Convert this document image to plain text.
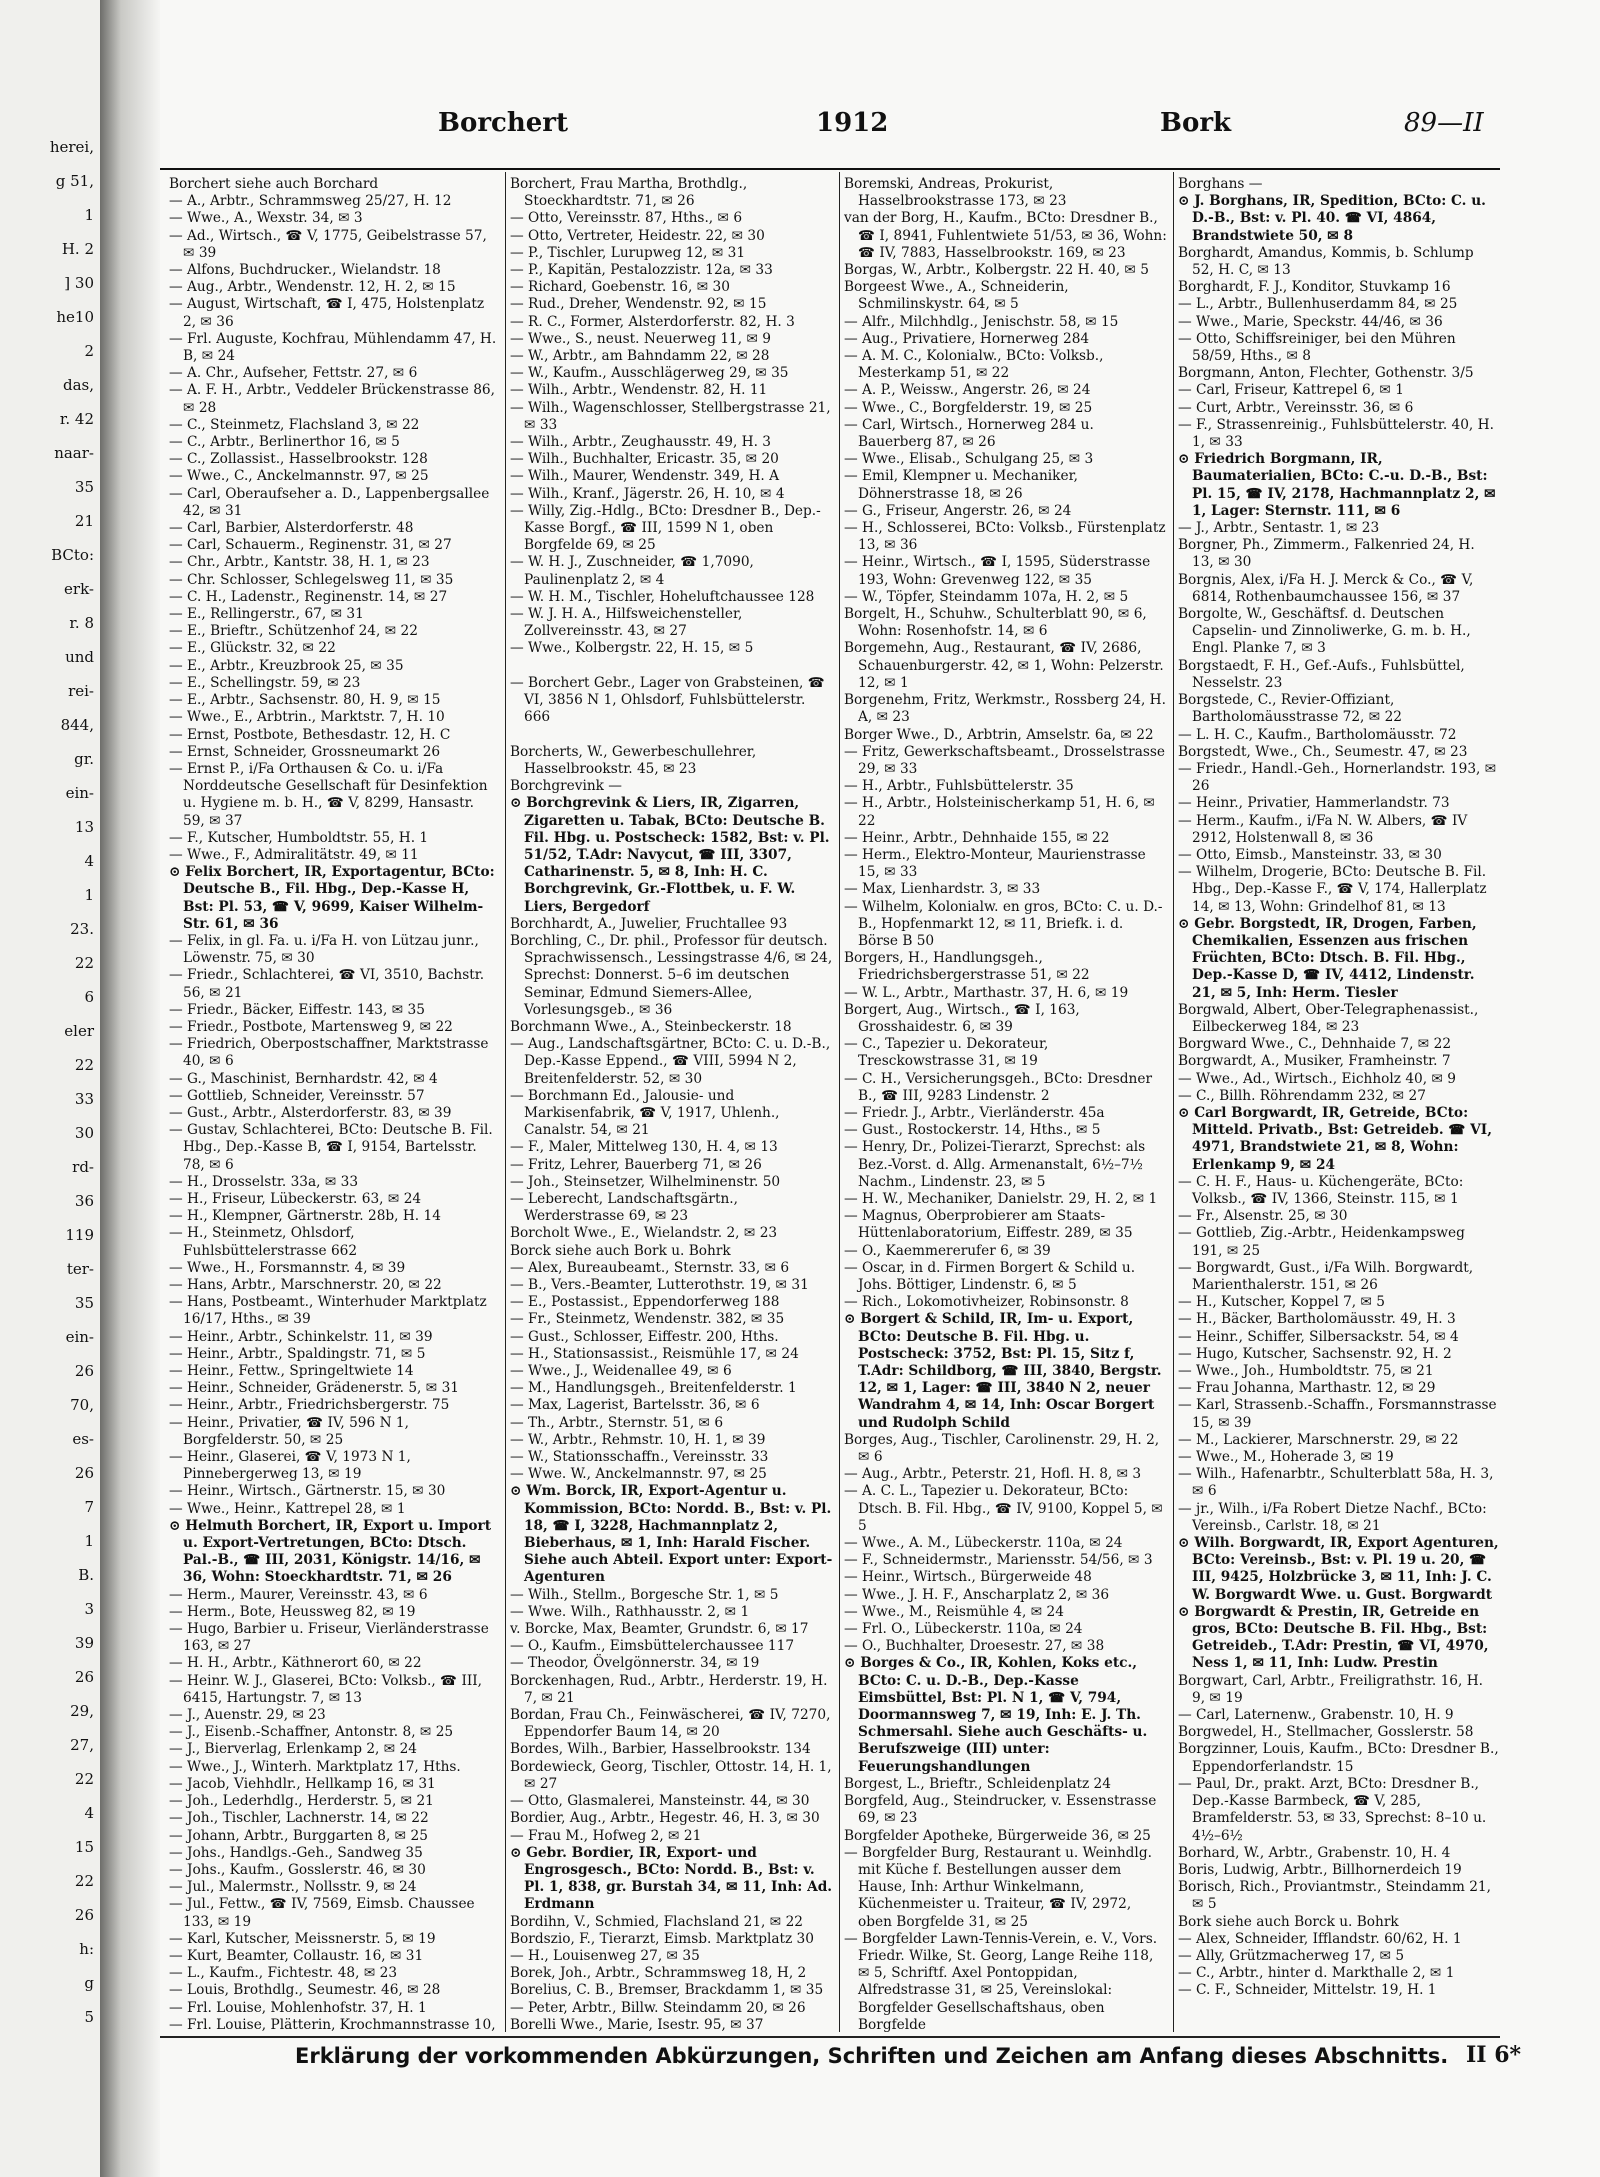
herei,
g 51,
1
H. 2
] 30
he10
2
das,
r. 42
naar-
35
21
BCto:
erk-
r. 8
und
rei-
844,
gr.
ein-
13
4
1
23.
22
6
eler
22
33
30
rd-
36
119
ter-
35
ein-
26
70,
es-
26
7
1
B.
3
39
26
29,
27,
22
4
15
22
26
h:
g
5
Borchert	1912	Bork	89—II

Borchert siehe auch Borchard

— A., Arbtr., Schrammsweg 25/27, H. 12

— Wwe., A., Wexstr. 34, ✉ 3

— Ad., Wirtsch., ☎ V, 1775, Geibelstrasse 57, ✉ 39

— Alfons, Buchdrucker., Wielandstr. 18

— Aug., Arbtr., Wendenstr. 12, H. 2, ✉ 15

— August, Wirtschaft, ☎ I, 475, Holstenplatz 2, ✉ 36

— Frl. Auguste, Kochfrau, Mühlendamm 47, H. B, ✉ 24

— A. Chr., Aufseher, Fettstr. 27, ✉ 6

— A. F. H., Arbtr., Veddeler Brückenstrasse 86, ✉ 28

— C., Steinmetz, Flachsland 3, ✉ 22

— C., Arbtr., Berlinerthor 16, ✉ 5

— C., Zollassist., Hasselbrookstr. 128

— Wwe., C., Anckelmannstr. 97, ✉ 25

— Carl, Oberaufseher a. D., Lappenbergsallee 42, ✉ 31

— Carl, Barbier, Alsterdorferstr. 48

— Carl, Schauerm., Reginenstr. 31, ✉ 27

— Chr., Arbtr., Kantstr. 38, H. 1, ✉ 23

— Chr. Schlosser, Schlegelsweg 11, ✉ 35

— C. H., Ladenstr., Reginenstr. 14, ✉ 27

— E., Rellingerstr., 67, ✉ 31

— E., Brieftr., Schützenhof 24, ✉ 22

— E., Glückstr. 32, ✉ 22

— E., Arbtr., Kreuzbrook 25, ✉ 35

— E., Schellingstr. 59, ✉ 23

— E., Arbtr., Sachsenstr. 80, H. 9, ✉ 15

— Wwe., E., Arbtrin., Marktstr. 7, H. 10

— Ernst, Postbote, Bethesdastr. 12, H. C

— Ernst, Schneider, Grossneumarkt 26

— Ernst P., i/Fa Orthausen & Co. u. i/Fa Norddeutsche Gesellschaft für Desinfektion u. Hygiene m. b. H., ☎ V, 8299, Hansastr. 59, ✉ 37

— F., Kutscher, Humboldtstr. 55, H. 1

— Wwe., F., Admiralitätstr. 49, ✉ 11

⊙ Felix Borchert, IR, Exportagentur, BCto: Deutsche B., Fil. Hbg., Dep.-Kasse H, Bst: Pl. 53, ☎ V, 9699, Kaiser Wilhelm-Str. 61, ✉ 36

— Felix, in gl. Fa. u. i/Fa H. von Lützau junr., Löwenstr. 75, ✉ 30

— Friedr., Schlachterei, ☎ VI, 3510, Bachstr. 56, ✉ 21

— Friedr., Bäcker, Eiffestr. 143, ✉ 35

— Friedr., Postbote, Martensweg 9, ✉ 22

— Friedrich, Oberpostschaffner, Marktstrasse 40, ✉ 6

— G., Maschinist, Bernhardstr. 42, ✉ 4

— Gottlieb, Schneider, Vereinsstr. 57

— Gust., Arbtr., Alsterdorferstr. 83, ✉ 39

— Gustav, Schlachterei, BCto: Deutsche B. Fil. Hbg., Dep.-Kasse B, ☎ I, 9154, Bartelsstr. 78, ✉ 6

— H., Drosselstr. 33a, ✉ 33

— H., Friseur, Lübeckerstr. 63, ✉ 24

— H., Klempner, Gärtnerstr. 28b, H. 14

— H., Steinmetz, Ohlsdorf, Fuhlsbüttelerstrasse 662

— Wwe., H., Forsmannstr. 4, ✉ 39

— Hans, Arbtr., Marschnerstr. 20, ✉ 22

— Hans, Postbeamt., Winterhuder Marktplatz 16/17, Hths., ✉ 39

— Heinr., Arbtr., Schinkelstr. 11, ✉ 39

— Heinr., Arbtr., Spaldingstr. 71, ✉ 5

— Heinr., Fettw., Springeltwiete 14

— Heinr., Schneider, Grädenerstr. 5, ✉ 31

— Heinr., Arbtr., Friedrichsbergerstr. 75

— Heinr., Privatier, ☎ IV, 596 N 1, Borgfelderstr. 50, ✉ 25

— Heinr., Glaserei, ☎ V, 1973 N 1, Pinnebergerweg 13, ✉ 19

— Heinr., Wirtsch., Gärtnerstr. 15, ✉ 30

— Wwe., Heinr., Kattrepel 28, ✉ 1

⊙ Helmuth Borchert, IR, Export u. Import u. Export-Vertretungen, BCto: Dtsch. Pal.-B., ☎ III, 2031, Königstr. 14/16, ✉ 36, Wohn: Stoeckhardtstr. 71, ✉ 26

— Herm., Maurer, Vereinsstr. 43, ✉ 6

— Herm., Bote, Heussweg 82, ✉ 19

— Hugo, Barbier u. Friseur, Vierländerstrasse 163, ✉ 27

— H. H., Arbtr., Käthnerort 60, ✉ 22

— Heinr. W. J., Glaserei, BCto: Volksb., ☎ III, 6415, Hartungstr. 7, ✉ 13

— J., Auenstr. 29, ✉ 23

— J., Eisenb.-Schaffner, Antonstr. 8, ✉ 25

— J., Bierverlag, Erlenkamp 2, ✉ 24

— Wwe., J., Winterh. Marktplatz 17, Hths.

— Jacob, Viehhdlr., Hellkamp 16, ✉ 31

— Joh., Lederhdlg., Herderstr. 5, ✉ 21

— Joh., Tischler, Lachnerstr. 14, ✉ 22

— Johann, Arbtr., Burggarten 8, ✉ 25

— Johs., Handlgs.-Geh., Sandweg 35

— Johs., Kaufm., Gosslerstr. 46, ✉ 30

— Jul., Malermstr., Nollsstr. 9, ✉ 24

— Jul., Fettw., ☎ IV, 7569, Eimsb. Chaussee 133, ✉ 19

— Karl, Kutscher, Meissnerstr. 5, ✉ 19

— Kurt, Beamter, Collaustr. 16, ✉ 31

— L., Kaufm., Fichtestr. 48, ✉ 23

— Louis, Brothdlg., Seumestr. 46, ✉ 28

— Frl. Louise, Mohlenhofstr. 37, H. 1

— Frl. Louise, Plätterin, Krochmannstrasse 10,

Borchert, Frau Martha, Brothdlg., Stoeckhardtstr. 71, ✉ 26

— Otto, Vereinsstr. 87, Hths., ✉ 6

— Otto, Vertreter, Heidestr. 22, ✉ 30

— P., Tischler, Lurupweg 12, ✉ 31

— P., Kapitän, Pestalozzistr. 12a, ✉ 33

— Richard, Goebenstr. 16, ✉ 30

— Rud., Dreher, Wendenstr. 92, ✉ 15

— R. C., Former, Alsterdorferstr. 82, H. 3

— Wwe., S., neust. Neuerweg 11, ✉ 9

— W., Arbtr., am Bahndamm 22, ✉ 28

— W., Kaufm., Ausschlägerweg 29, ✉ 35

— Wilh., Arbtr., Wendenstr. 82, H. 11

— Wilh., Wagenschlosser, Stellbergstrasse 21, ✉ 33

— Wilh., Arbtr., Zeughausstr. 49, H. 3

— Wilh., Buchhalter, Ericastr. 35, ✉ 20

— Wilh., Maurer, Wendenstr. 349, H. A

— Wilh., Kranf., Jägerstr. 26, H. 10, ✉ 4

— Willy, Zig.-Hdlg., BCto: Dresdner B., Dep.-Kasse Borgf., ☎ III, 1599 N 1, oben Borgfelde 69, ✉ 25

— W. H. J., Zuschneider, ☎ 1,7090, Paulinenplatz 2, ✉ 4

— W. H. M., Tischler, Hoheluftchaussee 128

— W. J. H. A., Hilfsweichensteller, Zollvereinsstr. 43, ✉ 27

— Wwe., Kolbergstr. 22, H. 15, ✉ 5

— Borchert Gebr., Lager von Grabsteinen, ☎ VI, 3856 N 1, Ohlsdorf, Fuhlsbüttelerstr. 666

Borcherts, W., Gewerbeschullehrer, Hasselbrookstr. 45, ✉ 23

Borchgrevink —

⊙ Borchgrevink & Liers, IR, Zigarren, Zigaretten u. Tabak, BCto: Deutsche B. Fil. Hbg. u. Postscheck: 1582, Bst: v. Pl. 51/52, T.Adr: Navycut, ☎ III, 3307, Catharinenstr. 5, ✉ 8, Inh: H. C. Borchgrevink, Gr.-Flottbek, u. F. W. Liers, Bergedorf

Borchhardt, A., Juwelier, Fruchtallee 93

Borchling, C., Dr. phil., Professor für deutsch. Sprachwissensch., Lessingstrasse 4/6, ✉ 24, Sprechst: Donnerst. 5–6 im deutschen Seminar, Edmund Siemers-Allee, Vorlesungsgeb., ✉ 36

Borchmann Wwe., A., Steinbeckerstr. 18

— Aug., Landschaftsgärtner, BCto: C. u. D.-B., Dep.-Kasse Eppend., ☎ VIII, 5994 N 2, Breitenfelderstr. 52, ✉ 30

— Borchmann Ed., Jalousie- und Markisenfabrik, ☎ V, 1917, Uhlenh., Canalstr. 54, ✉ 21

— F., Maler, Mittelweg 130, H. 4, ✉ 13

— Fritz, Lehrer, Bauerberg 71, ✉ 26

— Joh., Steinsetzer, Wilhelminenstr. 50

— Leberecht, Landschaftsgärtn., Werderstrasse 69, ✉ 23

Borcholt Wwe., E., Wielandstr. 2, ✉ 23

Borck siehe auch Bork u. Bohrk

— Alex, Bureaubeamt., Sternstr. 33, ✉ 6

— B., Vers.-Beamter, Lutterothstr. 19, ✉ 31

— E., Postassist., Eppendorferweg 188

— Fr., Steinmetz, Wendenstr. 382, ✉ 35

— Gust., Schlosser, Eiffestr. 200, Hths.

— H., Stationsassist., Reismühle 17, ✉ 24

— Wwe., J., Weidenallee 49, ✉ 6

— M., Handlungsgeh., Breitenfelderstr. 1

— Max, Lagerist, Bartelsstr. 36, ✉ 6

— Th., Arbtr., Sternstr. 51, ✉ 6

— W., Arbtr., Rehmstr. 10, H. 1, ✉ 39

— W., Stationsschaffn., Vereinsstr. 33

— Wwe. W., Anckelmannstr. 97, ✉ 25

⊙ Wm. Borck, IR, Export-Agentur u. Kommission, BCto: Nordd. B., Bst: v. Pl. 18, ☎ I, 3228, Hachmannplatz 2, Bieberhaus, ✉ 1, Inh: Harald Fischer. Siehe auch Abteil. Export unter: Export-Agenturen

— Wilh., Stellm., Borgesche Str. 1, ✉ 5

— Wwe. Wilh., Rathhausstr. 2, ✉ 1

v. Borcke, Max, Beamter, Grundstr. 6, ✉ 17

— O., Kaufm., Eimsbüttelerchaussee 117

— Theodor, Övelgönnerstr. 34, ✉ 19

Borckenhagen, Rud., Arbtr., Herderstr. 19, H. 7, ✉ 21

Bordan, Frau Ch., Feinwäscherei, ☎ IV, 7270, Eppendorfer Baum 14, ✉ 20

Bordes, Wilh., Barbier, Hasselbrookstr. 134

Bordewieck, Georg, Tischler, Ottostr. 14, H. 1, ✉ 27

— Otto, Glasmalerei, Mansteinstr. 44, ✉ 30

Bordier, Aug., Arbtr., Hegestr. 46, H. 3, ✉ 30

— Frau M., Hofweg 2, ✉ 21

⊙ Gebr. Bordier, IR, Export- und Engrosgesch., BCto: Nordd. B., Bst: v. Pl. 1, 838, gr. Burstah 34, ✉ 11, Inh: Ad. Erdmann

Bordihn, V., Schmied, Flachsland 21, ✉ 22

Bordszio, F., Tierarzt, Eimsb. Marktplatz 30

— H., Louisenweg 27, ✉ 35

Borek, Joh., Arbtr., Schrammsweg 18, H, 2

Borelius, C. B., Bremser, Brackdamm 1, ✉ 35

— Peter, Arbtr., Billw. Steindamm 20, ✉ 26

Borelli Wwe., Marie, Isestr. 95, ✉ 37

Boremski, Andreas, Prokurist, Hasselbrookstrasse 173, ✉ 23

van der Borg, H., Kaufm., BCto: Dresdner B., ☎ I, 8941, Fuhlentwiete 51/53, ✉ 36, Wohn: ☎ IV, 7883, Hasselbrookstr. 169, ✉ 23

Borgas, W., Arbtr., Kolbergstr. 22 H. 40, ✉ 5

Borgeest Wwe., A., Schneiderin, Schmilinskystr. 64, ✉ 5

— Alfr., Milchhdlg., Jenischstr. 58, ✉ 15

— Aug., Privatiere, Hornerweg 284

— A. M. C., Kolonialw., BCto: Volksb., Mesterkamp 51, ✉ 22

— A. P., Weissw., Angerstr. 26, ✉ 24

— Wwe., C., Borgfelderstr. 19, ✉ 25

— Carl, Wirtsch., Hornerweg 284 u. Bauerberg 87, ✉ 26

— Wwe., Elisab., Schulgang 25, ✉ 3

— Emil, Klempner u. Mechaniker, Döhnerstrasse 18, ✉ 26

— G., Friseur, Angerstr. 26, ✉ 24

— H., Schlosserei, BCto: Volksb., Fürstenplatz 13, ✉ 36

— Heinr., Wirtsch., ☎ I, 1595, Süderstrasse 193, Wohn: Grevenweg 122, ✉ 35

— W., Töpfer, Steindamm 107a, H. 2, ✉ 5

Borgelt, H., Schuhw., Schulterblatt 90, ✉ 6, Wohn: Rosenhofstr. 14, ✉ 6

Borgemehn, Aug., Restaurant, ☎ IV, 2686, Schauenburgerstr. 42, ✉ 1, Wohn: Pelzerstr. 12, ✉ 1

Borgenehm, Fritz, Werkmstr., Rossberg 24, H. A, ✉ 23

Borger Wwe., D., Arbtrin, Amselstr. 6a, ✉ 22

— Fritz, Gewerkschaftsbeamt., Drosselstrasse 29, ✉ 33

— H., Arbtr., Fuhlsbüttelerstr. 35

— H., Arbtr., Holsteinischerkamp 51, H. 6, ✉ 22

— Heinr., Arbtr., Dehnhaide 155, ✉ 22

— Herm., Elektro-Monteur, Maurienstrasse 15, ✉ 33

— Max, Lienhardstr. 3, ✉ 33

— Wilhelm, Kolonialw. en gros, BCto: C. u. D.-B., Hopfenmarkt 12, ✉ 11, Briefk. i. d. Börse B 50

Borgers, H., Handlungsgeh., Friedrichsbergerstrasse 51, ✉ 22

— W. L., Arbtr., Marthastr. 37, H. 6, ✉ 19

Borgert, Aug., Wirtsch., ☎ I, 163, Grosshaidestr. 6, ✉ 39

— C., Tapezier u. Dekorateur, Tresckowstrasse 31, ✉ 19

— C. H., Versicherungsgeh., BCto: Dresdner B., ☎ III, 9283 Lindenstr. 2

— Friedr. J., Arbtr., Vierländerstr. 45a

— Gust., Rostockerstr. 14, Hths., ✉ 5

— Henry, Dr., Polizei-Tierarzt, Sprechst: als Bez.-Vorst. d. Allg. Armenanstalt, 6½–7½ Nachm., Lindenstr. 23, ✉ 5

— H. W., Mechaniker, Danielstr. 29, H. 2, ✉ 1

— Magnus, Oberprobierer am Staats-Hüttenlaboratorium, Eiffestr. 289, ✉ 35

— O., Kaemmererufer 6, ✉ 39

— Oscar, in d. Firmen Borgert & Schild u. Johs. Böttiger, Lindenstr. 6, ✉ 5

— Rich., Lokomotivheizer, Robinsonstr. 8

⊙ Borgert & Schild, IR, Im- u. Export, BCto: Deutsche B. Fil. Hbg. u. Postscheck: 3752, Bst: Pl. 15, Sitz f, T.Adr: Schildborg, ☎ III, 3840, Bergstr. 12, ✉ 1, Lager: ☎ III, 3840 N 2, neuer Wandrahm 4, ✉ 14, Inh: Oscar Borgert und Rudolph Schild

Borges, Aug., Tischler, Carolinenstr. 29, H. 2, ✉ 6

— Aug., Arbtr., Peterstr. 21, Hofl. H. 8, ✉ 3

— A. C. L., Tapezier u. Dekorateur, BCto: Dtsch. B. Fil. Hbg., ☎ IV, 9100, Koppel 5, ✉ 5

— Wwe., A. M., Lübeckerstr. 110a, ✉ 24

— F., Schneidermstr., Mariensstr. 54/56, ✉ 3

— Heinr., Wirtsch., Bürgerweide 48

— Wwe., J. H. F., Anscharplatz 2, ✉ 36

— Wwe., M., Reismühle 4, ✉ 24

— Frl. O., Lübeckerstr. 110a, ✉ 24

— O., Buchhalter, Droesestr. 27, ✉ 38

⊙ Borges & Co., IR, Kohlen, Koks etc., BCto: C. u. D.-B., Dep.-Kasse Eimsbüttel, Bst: Pl. N 1, ☎ V, 794, Doormannsweg 7, ✉ 19, Inh: E. J. Th. Schmersahl. Siehe auch Geschäfts- u. Berufszweige (III) unter: Feuerungshandlungen

Borgest, L., Brieftr., Schleidenplatz 24

Borgfeld, Aug., Steindrucker, v. Essenstrasse 69, ✉ 23

Borgfelder Apotheke, Bürgerweide 36, ✉ 25

— Borgfelder Burg, Restaurant u. Weinhdlg. mit Küche f. Bestellungen ausser dem Hause, Inh: Arthur Winkelmann, Küchenmeister u. Traiteur, ☎ IV, 2972, oben Borgfelde 31, ✉ 25

— Borgfelder Lawn-Tennis-Verein, e. V., Vors. Friedr. Wilke, St. Georg, Lange Reihe 118, ✉ 5, Schriftf. Axel Pontoppidan, Alfredstrasse 31, ✉ 25, Vereinslokal: Borgfelder Gesellschaftshaus, oben Borgfelde

Borghans —

⊙ J. Borghans, IR, Spedition, BCto: C. u. D.-B., Bst: v. Pl. 40. ☎ VI, 4864, Brandstwiete 50, ✉ 8

Borghardt, Amandus, Kommis, b. Schlump 52, H. C, ✉ 13

Borghardt, F. J., Konditor, Stuvkamp 16

— L., Arbtr., Bullenhuserdamm 84, ✉ 25

— Wwe., Marie, Speckstr. 44/46, ✉ 36

— Otto, Schiffsreiniger, bei den Mühren 58/59, Hths., ✉ 8

Borgmann, Anton, Flechter, Gothenstr. 3/5

— Carl, Friseur, Kattrepel 6, ✉ 1

— Curt, Arbtr., Vereinsstr. 36, ✉ 6

— F., Strassenreinig., Fuhlsbüttelerstr. 40, H. 1, ✉ 33

⊙ Friedrich Borgmann, IR, Baumaterialien, BCto: C.-u. D.-B., Bst: Pl. 15, ☎ IV, 2178, Hachmannplatz 2, ✉ 1, Lager: Sternstr. 111, ✉ 6

— J., Arbtr., Sentastr. 1, ✉ 23

Borgner, Ph., Zimmerm., Falkenried 24, H. 13, ✉ 30

Borgnis, Alex, i/Fa H. J. Merck & Co., ☎ V, 6814, Rothenbaumchaussee 156, ✉ 37

Borgolte, W., Geschäftsf. d. Deutschen Capselin- und Zinnoliwerke, G. m. b. H., Engl. Planke 7, ✉ 3

Borgstaedt, F. H., Gef.-Aufs., Fuhlsbüttel, Nesselstr. 23

Borgstede, C., Revier-Offiziant, Bartholomäusstrasse 72, ✉ 22

— L. H. C., Kaufm., Bartholomäusstr. 72

Borgstedt, Wwe., Ch., Seumestr. 47, ✉ 23

— Friedr., Handl.-Geh., Hornerlandstr. 193, ✉ 26

— Heinr., Privatier, Hammerlandstr. 73

— Herm., Kaufm., i/Fa N. W. Albers, ☎ IV 2912, Holstenwall 8, ✉ 36

— Otto, Eimsb., Mansteinstr. 33, ✉ 30

— Wilhelm, Drogerie, BCto: Deutsche B. Fil. Hbg., Dep.-Kasse F., ☎ V, 174, Hallerplatz 14, ✉ 13, Wohn: Grindelhof 81, ✉ 13

⊙ Gebr. Borgstedt, IR, Drogen, Farben, Chemikalien, Essenzen aus frischen Früchten, BCto: Dtsch. B. Fil. Hbg., Dep.-Kasse D, ☎ IV, 4412, Lindenstr. 21, ✉ 5, Inh: Herm. Tiesler

Borgwald, Albert, Ober-Telegraphenassist., Eilbeckerweg 184, ✉ 23

Borgward Wwe., C., Dehnhaide 7, ✉ 22

Borgwardt, A., Musiker, Framheinstr. 7

— Wwe., Ad., Wirtsch., Eichholz 40, ✉ 9

— C., Billh. Röhrendamm 232, ✉ 27

⊙ Carl Borgwardt, IR, Getreide, BCto: Mitteld. Privatb., Bst: Getreideb. ☎ VI, 4971, Brandstwiete 21, ✉ 8, Wohn: Erlenkamp 9, ✉ 24

— C. H. F., Haus- u. Küchengeräte, BCto: Volksb., ☎ IV, 1366, Steinstr. 115, ✉ 1

— Fr., Alsenstr. 25, ✉ 30

— Gottlieb, Zig.-Arbtr., Heidenkampsweg 191, ✉ 25

— Borgwardt, Gust., i/Fa Wilh. Borgwardt, Marienthalerstr. 151, ✉ 26

— H., Kutscher, Koppel 7, ✉ 5

— H., Bäcker, Bartholomäusstr. 49, H. 3

— Heinr., Schiffer, Silbersackstr. 54, ✉ 4

— Hugo, Kutscher, Sachsenstr. 92, H. 2

— Wwe., Joh., Humboldtstr. 75, ✉ 21

— Frau Johanna, Marthastr. 12, ✉ 29

— Karl, Strassenb.-Schaffn., Forsmannstrasse 15, ✉ 39

— M., Lackierer, Marschnerstr. 29, ✉ 22

— Wwe., M., Hoherade 3, ✉ 19

— Wilh., Hafenarbtr., Schulterblatt 58a, H. 3, ✉ 6

— jr., Wilh., i/Fa Robert Dietze Nachf., BCto: Vereinsb., Carlstr. 18, ✉ 21

⊙ Wilh. Borgwardt, IR, Export Agenturen, BCto: Vereinsb., Bst: v. Pl. 19 u. 20, ☎ III, 9425, Holzbrücke 3, ✉ 11, Inh: J. C. W. Borgwardt Wwe. u. Gust. Borgwardt

⊙ Borgwardt & Prestin, IR, Getreide en gros, BCto: Deutsche B. Fil. Hbg., Bst: Getreideb., T.Adr: Prestin, ☎ VI, 4970, Ness 1, ✉ 11, Inh: Ludw. Prestin

Borgwart, Carl, Arbtr., Freiligrathstr. 16, H. 9, ✉ 19

— Carl, Laternenw., Grabenstr. 10, H. 9

Borgwedel, H., Stellmacher, Gosslerstr. 58

Borgzinner, Louis, Kaufm., BCto: Dresdner B., Eppendorferlandstr. 15

— Paul, Dr., prakt. Arzt, BCto: Dresdner B., Dep.-Kasse Barmbeck, ☎ V, 285, Bramfelderstr. 53, ✉ 33, Sprechst: 8–10 u. 4½–6½

Borhard, W., Arbtr., Grabenstr. 10, H. 4

Boris, Ludwig, Arbtr., Billhornerdeich 19

Borisch, Rich., Proviantmstr., Steindamm 21, ✉ 5

Bork siehe auch Borck u. Bohrk

— Alex, Schneider, Ifflandstr. 60/62, H. 1

— Ally, Grützmacherweg 17, ✉ 5

— C., Arbtr., hinter d. Markthalle 2, ✉ 1

— C. F., Schneider, Mittelstr. 19, H. 1

Erklärung der vorkommenden Abkürzungen, Schriften und Zeichen am Anfang dieses Abschnitts. II 6*
